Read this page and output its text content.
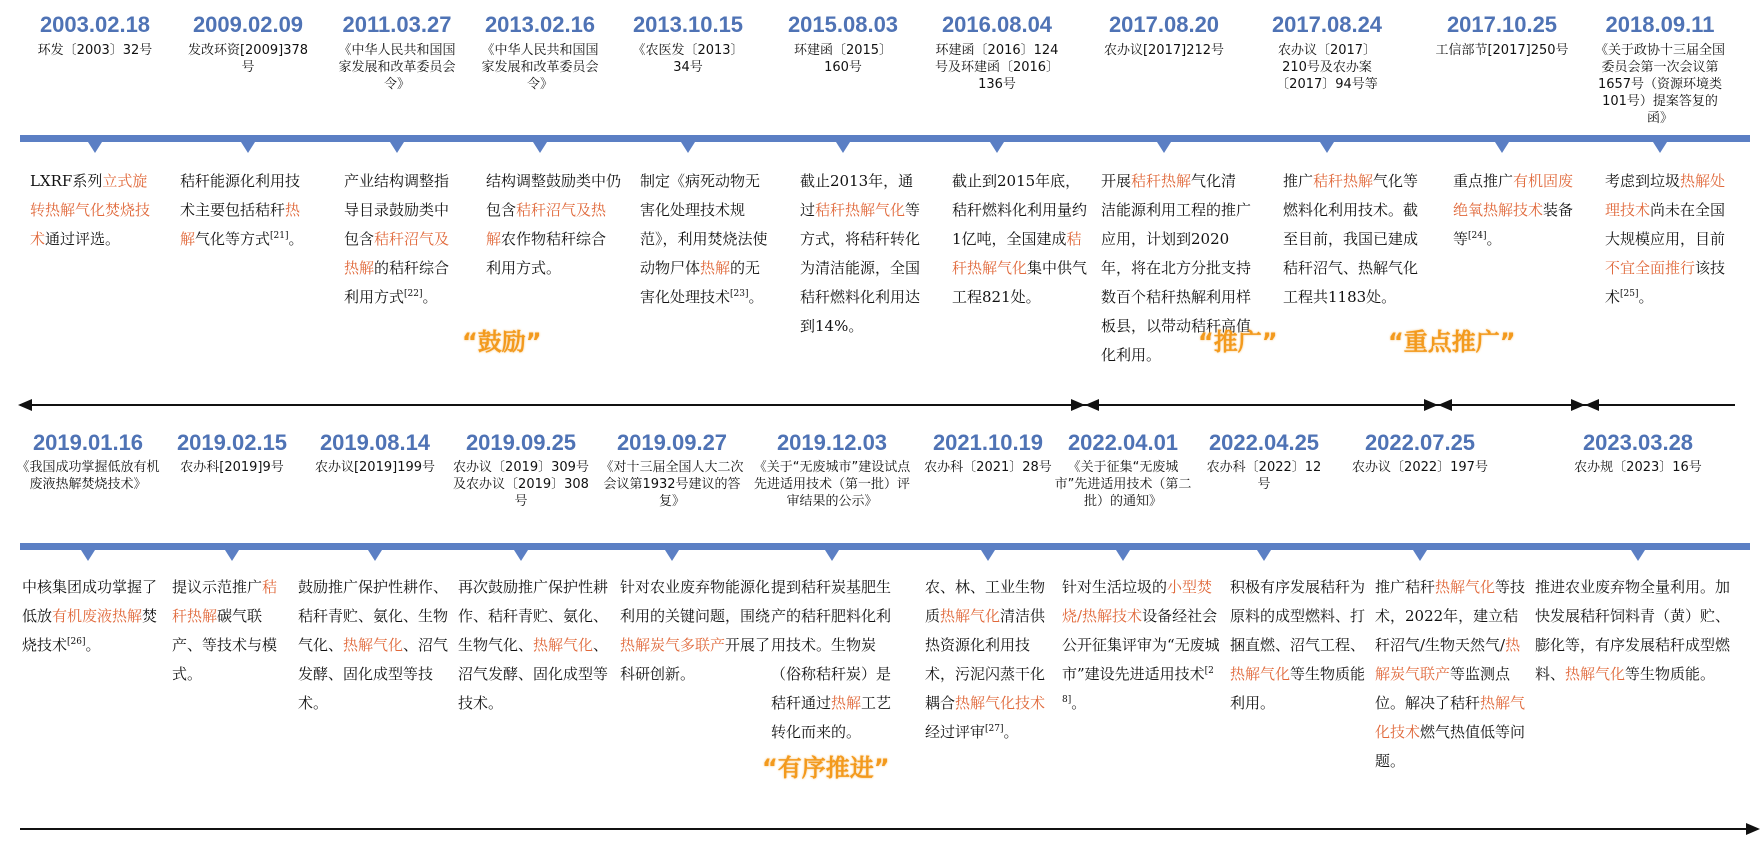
2003.02.18
环发〔2003〕32号
LXRF系列立式旋转热解气化焚烧技术通过评选。
2009.02.09
发改环资[2009]378号
秸秆能源化利用技术主要包括秸秆热解气化等方式[21]。
2011.03.27
《中华人民共和国国家发展和改革委员会令》
产业结构调整指导目录鼓励类中包含秸秆沼气及热解的秸秆综合利用方式[22]。
2013.02.16
《中华人民共和国国家发展和改革委员会令》
结构调整鼓励类中仍包含秸秆沼气及热解农作物秸秆综合利用方式。
2013.10.15
《农医发〔2013〕34号
制定《病死动物无害化处理技术规范》，利用焚烧法使动物尸体热解的无害化处理技术[23]。
2015.08.03
环建函〔2015〕160号
截止2013年，通过秸秆热解气化等方式，将秸秆转化为清洁能源，全国秸秆燃料化利用达到14%。
2016.08.04
环建函〔2016〕124号及环建函〔2016〕136号
截止到2015年底，秸秆燃料化利用量约1亿吨，全国建成秸秆热解气化集中供气工程821处。
2017.08.20
农办议[2017]212号
开展秸秆热解气化清洁能源利用工程的推广应用，计划到2020年，将在北方分批支持数百个秸秆热解利用样板县，以带动秸秆高值化利用。
2017.08.24
农办议〔2017〕210号及农办案〔2017〕94号等
推广秸秆热解气化等燃料化利用技术。截至目前，我国已建成秸秆沼气、热解气化工程共1183处。
2017.10.25
工信部节[2017]250号
重点推广有机固废绝氧热解技术装备等[24]。
2018.09.11
《关于政协十三届全国委员会第一次会议第1657号（资源环境类101号）提案答复的函》
考虑到垃圾热解处理技术尚未在全国大规模应用，目前不宜全面推行该技术[25]。
“鼓励”	“推广”	“重点推广”
2019.01.16
《我国成功掌握低放有机废液热解焚烧技术》
中核集团成功掌握了低放有机废液热解焚烧技术[26]。
2019.02.15
农办科[2019]9号
提议示范推广秸秆热解碳气联产、等技术与模式。
2019.08.14
农办议[2019]199号
鼓励推广保护性耕作、秸秆青贮、氨化、生物气化、热解气化、沼气发酵、固化成型等技术。
2019.09.25
农办议〔2019〕309号及农办议〔2019〕308号
再次鼓励推广保护性耕作、秸秆青贮、氨化、生物气化、热解气化、沼气发酵、固化成型等技术。
2019.09.27
《对十三届全国人大二次会议第1932号建议的答复》
针对农业废弃物能源化利用的关键问题，围绕热解炭气多联产开展了科研创新。
2019.12.03
《关于“无废城市”建设试点先进适用技术（第一批）评审结果的公示》
提到秸秆炭基肥生产的秸秆肥料化利用技术。生物炭（俗称秸秆炭）是秸秆通过热解工艺转化而来的。
2021.10.19
农办科〔2021〕28号
农、林、工业生物质热解气化清洁供热资源化利用技术，污泥闪蒸干化耦合热解气化技术经过评审[27]。
2022.04.01
《关于征集“无废城市”先进适用技术（第二批）的通知》
针对生活垃圾的小型焚烧/热解技术设备经社会公开征集评审为“无废城市”建设先进适用技术[28]。
2022.04.25
农办科〔2022〕12号
积极有序发展秸秆为原料的成型燃料、打捆直燃、沼气工程、热解气化等生物质能利用。
2022.07.25
农办议〔2022〕197号
推广秸秆热解气化等技术，2022年，建立秸秆沼气/生物天然气/热解炭气联产等监测点位。解决了秸秆热解气化技术燃气热值低等问题。
2023.03.28
农办规〔2023〕16号
推进农业废弃物全量利用。加快发展秸秆饲料青（黄）贮、膨化等，有序发展秸秆成型燃料、热解气化等生物质能。
“有序推进”
